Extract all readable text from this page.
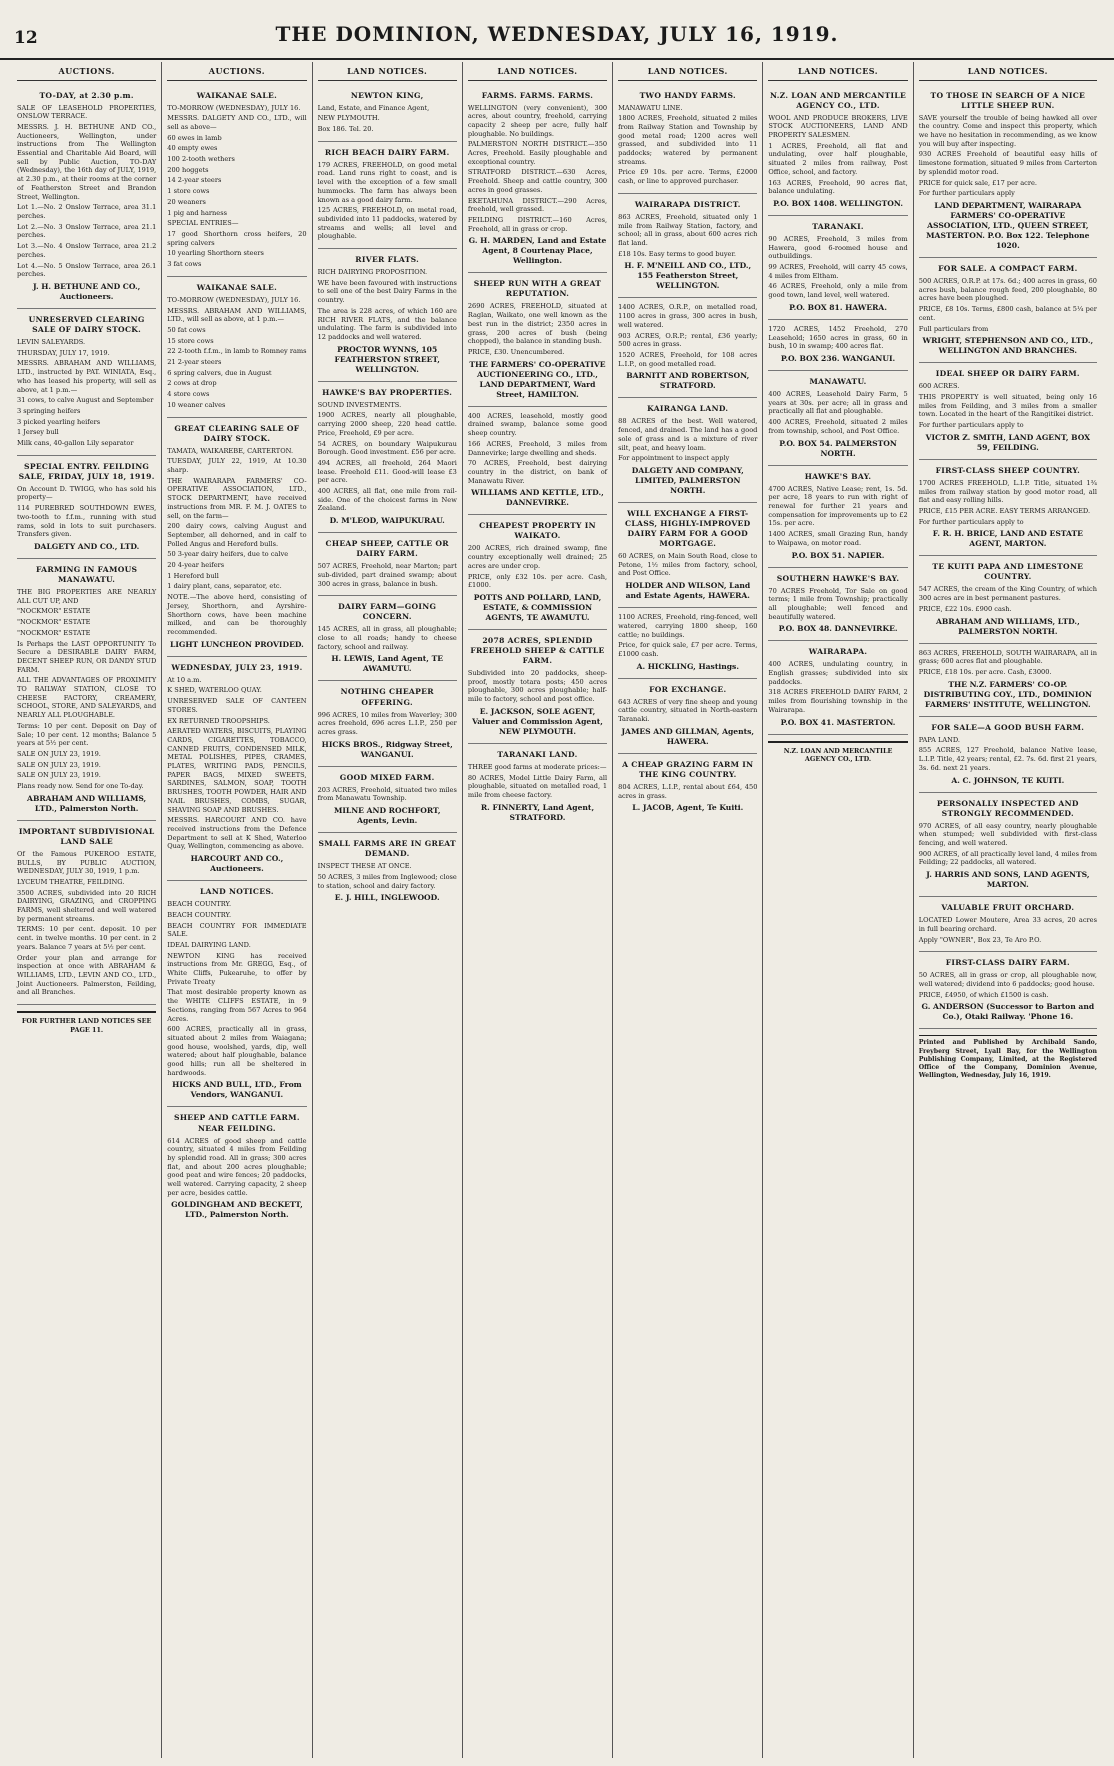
12	THE DOMINION, WEDNESDAY, JULY 16, 1919.
AUCTIONS.
TO-DAY, at 2.30 p.m.
SALE OF LEASEHOLD PROPERTIES, ONSLOW TERRACE.
MESSRS. J. H. BETHUNE AND CO., Auctioneers, Wellington, under instructions from The Wellington Essential and Charitable Aid Board, will sell by Public Auction, TO-DAY (Wednesday), the 16th day of JULY, 1919, at 2.30 p.m., at their rooms at the corner of Featherston Street and Brandon Street, Wellington.
Lot 1.—No. 2 Onslow Terrace, area 31.1 perches.
Lot 2.—No. 3 Onslow Terrace, area 21.1 perches.
Lot 3.—No. 4 Onslow Terrace, area 21.2 perches.
Lot 4.—No. 5 Onslow Terrace, area 26.1 perches.
J. H. BETHUNE AND CO., Auctioneers.
UNRESERVED CLEARING SALE OF DAIRY STOCK.
LEVIN SALEYARDS.
THURSDAY, JULY 17, 1919.
MESSRS. ABRAHAM AND WILLIAMS, LTD., instructed by PAT. WINIATA, Esq., who has leased his property, will sell as above, at 1 p.m.—
31 cows, to calve August and September
3 springing heifers
3 picked yearling heifers
1 Jersey bull
Milk cans, 40-gallon Lily separator
SPECIAL ENTRY. FEILDING SALE, FRIDAY, JULY 18, 1919.
On Account D. TWIGG, who has sold his property—
114 PUREBRED SOUTHDOWN EWES, two-tooth to f.f.m., running with stud rams, sold in lots to suit purchasers. Transfers given.
DALGETY AND CO., LTD.
FARMING IN FAMOUS MANAWATU.
THE BIG PROPERTIES ARE NEARLY ALL CUT UP, AND
"NOCKMOR" ESTATE
"NOCKMOR" ESTATE
"NOCKMOR" ESTATE
Is Perhaps the LAST OPPORTUNITY To Secure a DESIRABLE DAIRY FARM, DECENT SHEEP RUN, OR DANDY STUD FARM.
ALL THE ADVANTAGES OF PROXIMITY TO RAILWAY STATION, CLOSE TO CHEESE FACTORY, CREAMERY, SCHOOL, STORE, AND SALEYARDS, and NEARLY ALL PLOUGHABLE.
Terms: 10 per cent. Deposit on Day of Sale; 10 per cent. 12 months; Balance 5 years at 5½ per cent.
SALE ON JULY 23, 1919.
SALE ON JULY 23, 1919.
SALE ON JULY 23, 1919.
Plans ready now. Send for one To-day.
ABRAHAM AND WILLIAMS, LTD., Palmerston North.
IMPORTANT SUBDIVISIONAL LAND SALE
Of the Famous PUKEROO ESTATE, BULLS, BY PUBLIC AUCTION, WEDNESDAY, JULY 30, 1919, 1 p.m.
LYCEUM THEATRE, FEILDING.
3500 ACRES, subdivided into 20 RICH DAIRYING, GRAZING, and CROPPING FARMS, well sheltered and well watered by permanent streams.
TERMS: 10 per cent. deposit. 10 per cent. in twelve months. 10 per cent. in 2 years. Balance 7 years at 5½ per cent.
Order your plan and arrange for inspection at once with ABRAHAM & WILLIAMS, LTD., LEVIN AND CO., LTD., Joint Auctioneers. Palmerston, Feilding, and all Branches.
FOR FURTHER LAND NOTICES SEE PAGE 11.
AUCTIONS.
WAIKANAE SALE.
TO-MORROW (WEDNESDAY), JULY 16.
MESSRS. DALGETY AND CO., LTD., will sell as above—
60 ewes in lamb
40 empty ewes
100 2-tooth wethers
200 hoggets
14 2-year steers
1 store cows
20 weaners
1 pig and harness
SPECIAL ENTRIES—
17 good Shorthorn cross heifers, 20 spring calvers
10 yearling Shorthorn steers
3 fat cows
WAIKANAE SALE.
TO-MORROW (WEDNESDAY), JULY 16.
MESSRS. ABRAHAM AND WILLIAMS, LTD., will sell as above, at 1 p.m.—
50 fat cows
15 store cows
22 2-tooth f.f.m., in lamb to Romney rams
21 2-year steers
6 spring calvers, due in August
2 cows at drop
4 store cows
10 weaner calves
GREAT CLEARING SALE OF DAIRY STOCK.
TAMATA, WAIKAREBE, CARTERTON.
TUESDAY, JULY 22, 1919, At 10.30 sharp.
THE WAIRARAPA FARMERS' CO-OPERATIVE ASSOCIATION, LTD., STOCK DEPARTMENT, have received instructions from MR. F. M. J. OATES to sell, on the farm—
200 dairy cows, calving August and September, all dehorned, and in calf to Polled Angus and Hereford bulls.
50 3-year dairy heifers, due to calve
20 4-year heifers
1 Hereford bull
1 dairy plant, cans, separator, etc.
NOTE.—The above herd, consisting of Jersey, Shorthorn, and Ayrshire-Shorthorn cows, have been machine milked, and can be thoroughly recommended.
LIGHT LUNCHEON PROVIDED.
WEDNESDAY, JULY 23, 1919.
At 10 a.m.
K SHED, WATERLOO QUAY.
UNRESERVED SALE OF CANTEEN STORES.
EX RETURNED TROOPSHIPS.
AERATED WATERS, BISCUITS, PLAYING CARDS, CIGARETTES, TOBACCO, CANNED FRUITS, CONDENSED MILK, METAL POLISHES, PIPES, CRAMES, PLATES, WRITING PADS, PENCILS, PAPER BAGS, MIXED SWEETS, SARDINES, SALMON, SOAP, TOOTH BRUSHES, TOOTH POWDER, HAIR AND NAIL BRUSHES, COMBS, SUGAR, SHAVING SOAP AND BRUSHES.
MESSRS. HARCOURT AND CO. have received instructions from the Defence Department to sell at K Shed, Waterloo Quay, Wellington, commencing as above.
HARCOURT AND CO., Auctioneers.
LAND NOTICES.
BEACH COUNTRY.
BEACH COUNTRY.
BEACH COUNTRY FOR IMMEDIATE SALE.
IDEAL DAIRYING LAND.
NEWTON KING has received instructions from Mr. GREGG, Esq., of White Cliffs, Pukearuhe, to offer by Private Treaty
That most desirable property known as the WHITE CLIFFS ESTATE, in 9 Sections, ranging from 567 Acres to 964 Acres.
600 ACRES, practically all in grass, situated about 2 miles from Waiagana; good house, woolshed, yards, dip, well watered; about half ploughable, balance good hills; run all be sheltered in hardwoods.
HICKS AND BULL, LTD., From Vendors, WANGANUI.
SHEEP AND CATTLE FARM. NEAR FEILDING.
614 ACRES of good sheep and cattle country, situated 4 miles from Feilding by splendid road. All in grass; 300 acres flat, and about 200 acres ploughable; good peat and wire fences; 20 paddocks, well watered. Carrying capacity, 2 sheep per acre, besides cattle.
GOLDINGHAM AND BECKETT, LTD., Palmerston North.
LAND NOTICES.
NEWTON KING,
Land, Estate, and Finance Agent,
NEW PLYMOUTH.
Box 186. Tel. 20.
RICH BEACH DAIRY FARM.
179 ACRES, FREEHOLD, on good metal road. Land runs right to coast, and is level with the exception of a few small hummocks. The farm has always been known as a good dairy farm.
125 ACRES, FREEHOLD, on metal road, subdivided into 11 paddocks, watered by streams and wells; all level and ploughable.
RIVER FLATS.
RICH DAIRYING PROPOSITION.
WE have been favoured with instructions to sell one of the best Dairy Farms in the country.
The area is 228 acres, of which 160 are RICH RIVER FLATS, and the balance undulating. The farm is subdivided into 12 paddocks and well watered.
PROCTOR WYNNS, 105 FEATHERSTON STREET, WELLINGTON.
HAWKE'S BAY PROPERTIES.
SOUND INVESTMENTS.
1900 ACRES, nearly all ploughable, carrying 2000 sheep, 220 head cattle. Price, Freehold, £9 per acre.
54 ACRES, on boundary Waipukurau Borough. Good investment. £56 per acre.
494 ACRES, all freehold, 264 Maori lease. Freehold £11. Good-will lease £3 per acre.
400 ACRES, all flat, one mile from rail-side. One of the choicest farms in New Zealand.
D. M'LEOD, WAIPUKURAU.
CHEAP SHEEP, CATTLE OR DAIRY FARM.
507 ACRES, Freehold, near Marton; part sub-divided, part drained swamp; about 300 acres in grass, balance in bush.
DAIRY FARM—GOING CONCERN.
145 ACRES, all in grass, all ploughable; close to all roads; handy to cheese factory, school and railway.
H. LEWIS, Land Agent, TE AWAMUTU.
NOTHING CHEAPER OFFERING.
996 ACRES, 10 miles from Waverley; 300 acres freehold, 696 acres L.I.P., 250 per acres grass.
HICKS BROS., Ridgway Street, WANGANUI.
GOOD MIXED FARM.
203 ACRES, Freehold, situated two miles from Manawatu Township.
MILNE AND ROCHFORT, Agents, Levin.
SMALL FARMS ARE IN GREAT DEMAND.
INSPECT THESE AT ONCE.
50 ACRES, 3 miles from Inglewood; close to station, school and dairy factory.
E. J. HILL, INGLEWOOD.
LAND NOTICES.
FARMS. FARMS. FARMS.
WELLINGTON (very convenient), 300 acres, about country, freehold, carrying capacity 2 sheep per acre, fully half ploughable. No buildings.
PALMERSTON NORTH DISTRICT.—350 Acres, Freehold. Easily ploughable and exceptional country.
STRATFORD DISTRICT.—630 Acres, Freehold. Sheep and cattle country, 300 acres in good grasses.
EKETAHUNA DISTRICT.—290 Acres, freehold, well grassed.
FEILDING DISTRICT.—160 Acres, Freehold, all in grass or crop.
G. H. MARDEN, Land and Estate Agent, 8 Courtenay Place, Wellington.
SHEEP RUN WITH A GREAT REPUTATION.
2690 ACRES, FREEHOLD, situated at Raglan, Waikato, one well known as the best run in the district; 2350 acres in grass, 200 acres of bush (being chopped), the balance in standing bush.
PRICE, £30. Unencumbered.
THE FARMERS' CO-OPERATIVE AUCTIONEERING CO., LTD., LAND DEPARTMENT, Ward Street, HAMILTON.
400 ACRES, leasehold, mostly good drained swamp, balance some good sheep country.
166 ACRES, Freehold, 3 miles from Dannevirke; large dwelling and sheds.
70 ACRES, Freehold, best dairying country in the district, on bank of Manawatu River.
WILLIAMS AND KETTLE, LTD., DANNEVIRKE.
CHEAPEST PROPERTY IN WAIKATO.
200 ACRES, rich drained swamp, fine country exceptionally well drained; 25 acres are under crop.
PRICE, only £32 10s. per acre. Cash, £1000.
POTTS AND POLLARD, LAND, ESTATE, & COMMISSION AGENTS, TE AWAMUTU.
2078 ACRES, SPLENDID FREEHOLD SHEEP & CATTLE FARM.
Subdivided into 20 paddocks, sheep-proof, mostly totara posts; 450 acres ploughable, 300 acres ploughable; half-mile to factory, school and post office.
E. JACKSON, SOLE AGENT, Valuer and Commission Agent, NEW PLYMOUTH.
TARANAKI LAND.
THREE good farms at moderate prices:—
80 ACRES, Model Little Dairy Farm, all ploughable, situated on metalled road, 1 mile from cheese factory.
R. FINNERTY, Land Agent, STRATFORD.
LAND NOTICES.
TWO HANDY FARMS.
MANAWATU LINE.
1800 ACRES, Freehold, situated 2 miles from Railway Station and Township by good metal road; 1200 acres well grassed, and subdivided into 11 paddocks; watered by permanent streams.
Price £9 10s. per acre. Terms, £2000 cash, or line to approved purchaser.
WAIRARAPA DISTRICT.
863 ACRES, Freehold, situated only 1 mile from Railway Station, factory, and school; all in grass, about 600 acres rich flat land.
£18 10s. Easy terms to good buyer.
H. F. M'NEILL AND CO., LTD., 155 Featherston Street, WELLINGTON.
1400 ACRES, O.R.P., on metalled road, 1100 acres in grass, 300 acres in bush, well watered.
903 ACRES, O.R.P.; rental, £36 yearly; 500 acres in grass.
1520 ACRES, Freehold, for 108 acres L.I.P., on good metalled road.
BARNITT AND ROBERTSON, STRATFORD.
KAIRANGA LAND.
88 ACRES of the best. Well watered, fenced, and drained. The land has a good sole of grass and is a mixture of river silt, peat, and heavy loam.
For appointment to inspect apply
DALGETY AND COMPANY, LIMITED, PALMERSTON NORTH.
WILL EXCHANGE A FIRST-CLASS, HIGHLY-IMPROVED DAIRY FARM FOR A GOOD MORTGAGE.
60 ACRES, on Main South Road, close to Petone, 1½ miles from factory, school, and Post Office.
HOLDER AND WILSON, Land and Estate Agents, HAWERA.
1100 ACRES, Freehold, ring-fenced, well watered, carrying 1800 sheep, 160 cattle; no buildings.
Price, for quick sale, £7 per acre. Terms, £1000 cash.
A. HICKLING, Hastings.
FOR EXCHANGE.
643 ACRES of very fine sheep and young cattle country, situated in North-eastern Taranaki.
JAMES AND GILLMAN, Agents, HAWERA.
A CHEAP GRAZING FARM IN THE KING COUNTRY.
804 ACRES, L.I.P., rental about £64, 450 acres in grass.
L. JACOB, Agent, Te Kuiti.
LAND NOTICES.
N.Z. LOAN AND MERCANTILE AGENCY CO., LTD.
WOOL AND PRODUCE BROKERS, LIVE STOCK AUCTIONEERS, LAND AND PROPERTY SALESMEN.
1 ACRES, Freehold, all flat and undulating, over half ploughable, situated 2 miles from railway, Post Office, school, and factory.
163 ACRES, Freehold, 90 acres flat, balance undulating.
P.O. BOX 1408. WELLINGTON.
TARANAKI.
90 ACRES, Freehold, 3 miles from Hawera, good 6-roomed house and outbuildings.
99 ACRES, Freehold, will carry 45 cows, 4 miles from Eltham.
46 ACRES, Freehold, only a mile from good town, land level, well watered.
P.O. BOX 81. HAWERA.
1720 ACRES, 1452 Freehold, 270 Leasehold; 1650 acres in grass, 60 in bush, 10 in swamp; 400 acres flat.
P.O. BOX 236. WANGANUI.
MANAWATU.
400 ACRES, Leasehold Dairy Farm, 5 years at 30s. per acre; all in grass and practically all flat and ploughable.
400 ACRES, Freehold, situated 2 miles from township, school, and Post Office.
P.O. BOX 54. PALMERSTON NORTH.
HAWKE'S BAY.
4700 ACRES, Native Lease; rent, 1s. 5d. per acre, 18 years to run with right of renewal for further 21 years and compensation for improvements up to £2 15s. per acre.
1400 ACRES, small Grazing Run, handy to Waipawa, on motor road.
P.O. BOX 51. NAPIER.
SOUTHERN HAWKE'S BAY.
70 ACRES Freehold, Tor Sale on good terms; 1 mile from Township; practically all ploughable; well fenced and beautifully watered.
P.O. BOX 48. DANNEVIRKE.
WAIRARAPA.
400 ACRES, undulating country, in English grasses; subdivided into six paddocks.
318 ACRES FREEHOLD DAIRY FARM, 2 miles from flourishing township in the Wairarapa.
P.O. BOX 41. MASTERTON.
N.Z. LOAN AND MERCANTILE AGENCY CO., LTD.
LAND NOTICES.
TO THOSE IN SEARCH OF A NICE LITTLE SHEEP RUN.
SAVE yourself the trouble of being hawked all over the country. Come and inspect this property, which we have no hesitation in recommending, as we know you will buy after inspecting.
930 ACRES Freehold of beautiful easy hills of limestone formation, situated 9 miles from Carterton by splendid motor road.
PRICE for quick sale, £17 per acre.
For further particulars apply
LAND DEPARTMENT, WAIRARAPA FARMERS' CO-OPERATIVE ASSOCIATION, LTD., QUEEN STREET, MASTERTON. P.O. Box 122. Telephone 1020.
FOR SALE. A COMPACT FARM.
500 ACRES, O.R.P. at 17s. 6d.; 400 acres in grass, 60 acres bush, balance rough feed, 200 ploughable, 80 acres have been ploughed.
PRICE, £8 10s. Terms, £800 cash, balance at 5¼ per cent.
Full particulars from
WRIGHT, STEPHENSON AND CO., LTD., WELLINGTON AND BRANCHES.
IDEAL SHEEP OR DAIRY FARM.
600 ACRES.
THIS PROPERTY is well situated, being only 16 miles from Feilding, and 3 miles from a smaller town. Located in the heart of the Rangitikei district.
For further particulars apply to
VICTOR Z. SMITH, LAND AGENT, BOX 59, FEILDING.
FIRST-CLASS SHEEP COUNTRY.
1700 ACRES FREEHOLD, L.I.P. Title, situated 1¾ miles from railway station by good motor road, all flat and easy rolling hills.
PRICE, £15 PER ACRE. EASY TERMS ARRANGED.
For further particulars apply to
F. R. H. BRICE, LAND AND ESTATE AGENT, MARTON.
TE KUITI PAPA AND LIMESTONE COUNTRY.
547 ACRES, the cream of the King Country, of which 300 acres are in best permanent pastures.
PRICE, £22 10s. £900 cash.
ABRAHAM AND WILLIAMS, LTD., PALMERSTON NORTH.
863 ACRES, FREEHOLD, SOUTH WAIRARAPA, all in grass; 600 acres flat and ploughable.
PRICE, £18 10s. per acre. Cash, £3000.
THE N.Z. FARMERS' CO-OP. DISTRIBUTING COY., LTD., DOMINION FARMERS' INSTITUTE, WELLINGTON.
FOR SALE—A GOOD BUSH FARM.
PAPA LAND.
855 ACRES, 127 Freehold, balance Native lease, L.I.P. Title, 42 years; rental, £2. 7s. 6d. first 21 years, 3s. 6d. next 21 years.
A. C. JOHNSON, TE KUITI.
PERSONALLY INSPECTED AND STRONGLY RECOMMENDED.
970 ACRES, of all easy country, nearly ploughable when stumped; well subdivided with first-class fencing, and well watered.
900 ACRES, of all practically level land, 4 miles from Feilding; 22 paddocks, all watered.
J. HARRIS AND SONS, LAND AGENTS, MARTON.
VALUABLE FRUIT ORCHARD.
LOCATED Lower Moutere, Area 33 acres, 20 acres in full bearing orchard.
Apply "OWNER", Box 23, Te Aro P.O.
FIRST-CLASS DAIRY FARM.
50 ACRES, all in grass or crop, all ploughable now, well watered; dividend into 6 paddocks; good house.
PRICE, £4950, of which £1500 is cash.
G. ANDERSON (Successor to Barton and Co.), Otaki Railway. 'Phone 16.
Printed and Published by Archibald Sando, Freyberg Street, Lyall Bay, for the Wellington Publishing Company, Limited, at the Registered Office of the Company, Dominion Avenue, Wellington, Wednesday, July 16, 1919.
